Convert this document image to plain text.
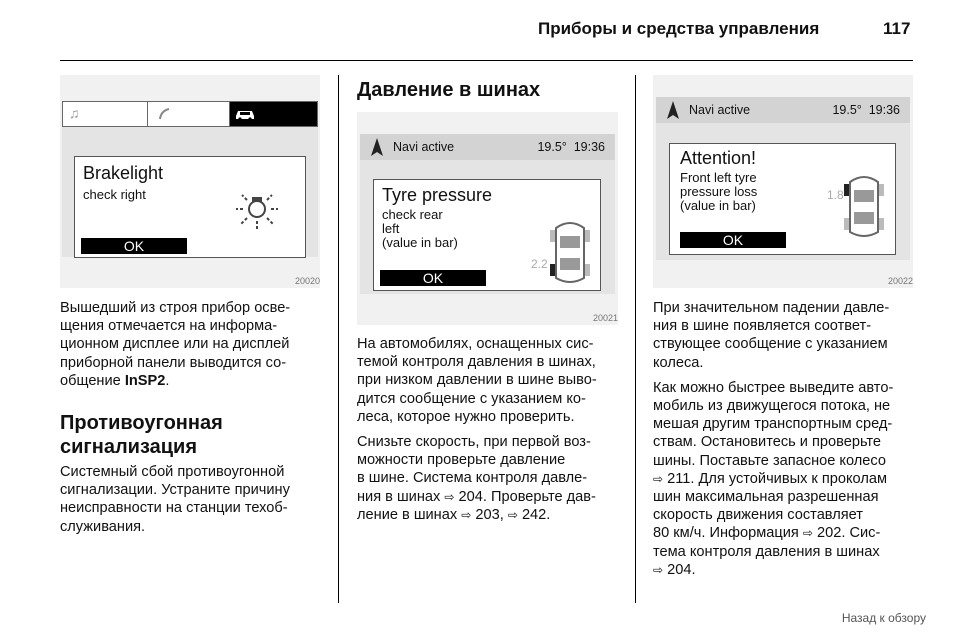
Приборы и средства управления	117
♫
Brakelight
check right
OK
20020

Вышедший из строя прибор осве-
щения отмечается на информа-
ционном дисплее или на дисплей
приборной панели выводится со-
общение InSP2.

Противоугонная
сигнализация
Системный сбой противоугонной
сигнализации. Устраните причину
неисправности на станции техоб-
служивания.
Давление в шинах
Navi active	19.5°  19:36
Tyre pressure
check rear
left
(value in bar)
2.2
OK
20021

На автомобилях, оснащенных сис-
темой контроля давления в шинах,
при низком давлении в шине выво-
дится сообщение с указанием ко-
леса, которое нужно проверить.

Снизьте скорость, при первой воз-
можности проверьте давление
в шине. Система контроля давле-
ния в шинах ⇨ 204. Проверьте дав-
ление в шинах ⇨ 203, ⇨ 242.

Navi active	19.5°  19:36
Attention!
Front left tyre
pressure loss
(value in bar)
1.8
OK
20022

При значительном падении давле-
ния в шине появляется соответ-
ствующее сообщение с указанием
колеса.

Как можно быстрее выведите авто-
мобиль из движущегося потока, не
мешая другим транспортным сред-
ствам. Остановитесь и проверьте
шины. Поставьте запасное колесо
⇨ 211. Для устойчивых к проколам
шин максимальная разрешенная
скорость движения составляет
80 км/ч. Информация ⇨ 202. Сис-
тема контроля давления в шинах
⇨ 204.

Назад к обзору
